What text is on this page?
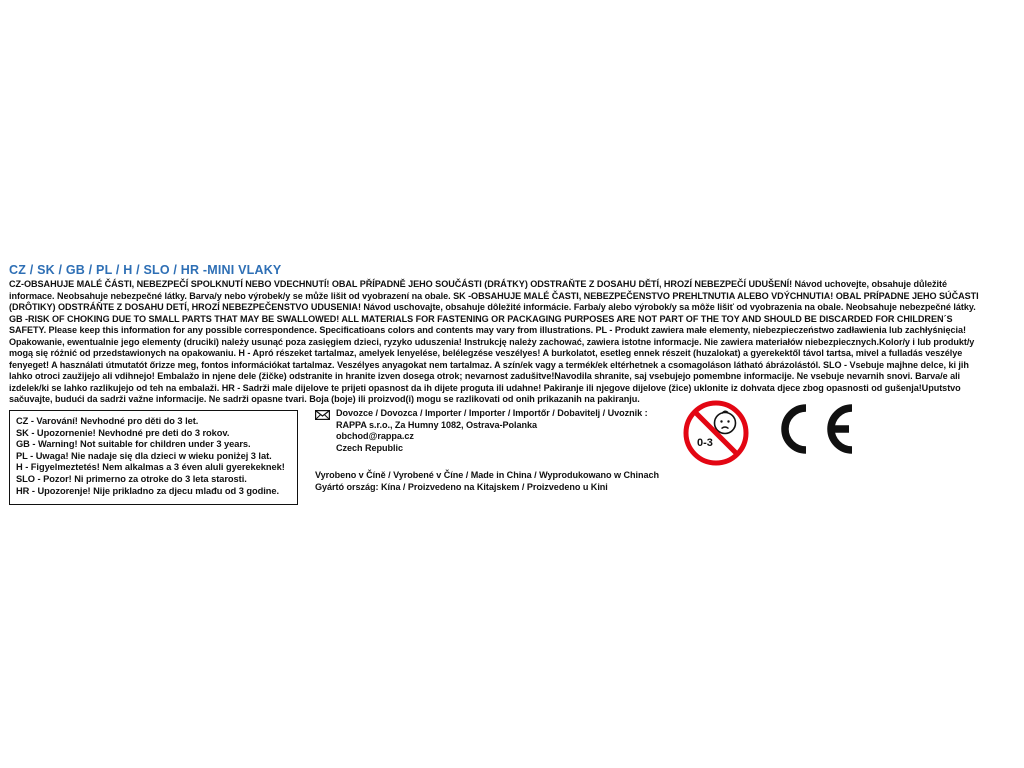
CZ / SK / GB / PL / H / SLO / HR -MINI VLAKY
CZ-OBSAHUJE MALÉ ČÁSTI, NEBEZPEČÍ SPOLKNUTÍ NEBO VDECHNUTÍ! OBAL PŘÍPADNĚ JEHO SOUČÁSTI (DRÁTKY) ODSTRAŇTE Z DOSAHU DĚTÍ, HROZÍ NEBEZPEČÍ UDUŠENÍ! Návod uchovejte, obsahuje důležité
informace. Neobsahuje nebezpečné látky. Barva/y nebo výrobek/y se může lišit od vyobrazení na obale. SK -OBSAHUJE MALÉ ČASTI, NEBEZPEČENSTVO PREHLTNUTIA ALEBO VDÝCHNUTIA! OBAL PRÍPADNE JEHO SÚČASTI
(DRÔTIKY) ODSTRÁŇTE Z DOSAHU DETÍ, HROZÍ NEBEZPEČENSTVO UDUSENIA! Návod uschovajte, obsahuje dôležité informácie. Farba/y alebo výrobok/y sa môže lišiť od vyobrazenia na obale. Neobsahuje nebezpečné látky.
GB -RISK OF CHOKING DUE TO SMALL PARTS THAT MAY BE SWALLOWED! ALL MATERIALS FOR FASTENING OR PACKAGING PURPOSES ARE NOT PART OF THE TOY AND SHOULD BE DISCARDED FOR CHILDREN´S
SAFETY. Please keep this information for any possible correspondence. Specificatioans colors and contents may vary from illustrations. PL - Produkt zawiera małe elementy, niebezpieczeństwo zadławienia lub zachłyśnięcia!
Opakowanie, ewentualnie jego elementy (druciki) należy usunąć poza zasięgiem dzieci, ryzyko uduszenia! Instrukcję należy zachować, zawiera istotne informacje. Nie zawiera materiałów niebezpiecznych.Kolor/y i lub produkt/y
mogą się różnić od przedstawionych na opakowaniu. H - Apró részeket tartalmaz, amelyek lenyelése, belélegzése veszélyes! A burkolatot, esetleg ennek részeit (huzalokat) a gyerekektől távol tartsa, mivel a fulladás veszélye
fenyeget! A használati útmutatót őrizze meg, fontos információkat tartalmaz. Veszélyes anyagokat nem tartalmaz. A szín/ek vagy a termék/ek eltérhetnek a csomagoláson látható ábrázolástól. SLO - Vsebuje majhne delce, ki jih
lahko otroci zaužijejo ali vdihnejo! Embalažo in njene dele (žičke) odstranite in hranite izven dosega otrok; nevarnost zadušitve!Navodila shranite, saj vsebujejo pomembne informacije. Ne vsebuje nevarnih snovi. Barva/e ali
izdelek/ki se lahko razlikujejo od teh na embalaži. HR - Sadrži male dijelove te prijeti opasnost da ih dijete proguta ili udahne! Pakiranje ili njegove dijelove (žice) uklonite iz dohvata djece zbog opasnosti od gušenja!Uputstvo
sačuvajte, budući da sadrži važne informacije. Ne sadrži opasne tvari. Boja (boje) ili proizvod(i) mogu se razlikovati od onih prikazanih na pakiranju.
CZ - Varování! Nevhodné pro děti do 3 let.
SK - Upozornenie! Nevhodné pre deti do 3 rokov.
GB - Warning! Not suitable for children under 3 years.
PL - Uwaga! Nie nadaje się dla dzieci w wieku poniżej 3 lat.
H - Figyelmeztetés! Nem alkalmas a 3 éven aluli gyerekeknek!
SLO - Pozor! Ni primerno za otroke do 3 leta starosti.
HR - Upozorenje! Nije prikladno za djecu mlađu od 3 godine.
Dovozce / Dovozca / Importer / Importer / Importőr / Dobavitelj / Uvoznik :
RAPPA s.r.o., Za Humny 1082, Ostrava-Polanka
obchod@rappa.cz
Czech Republic
Vyrobeno v Číně / Vyrobené v Číne / Made in China / Wyprodukowano w Chinach
Gyártó ország: Kína / Proizvedeno na Kitajskem / Proizvedeno u Kini
0-3
